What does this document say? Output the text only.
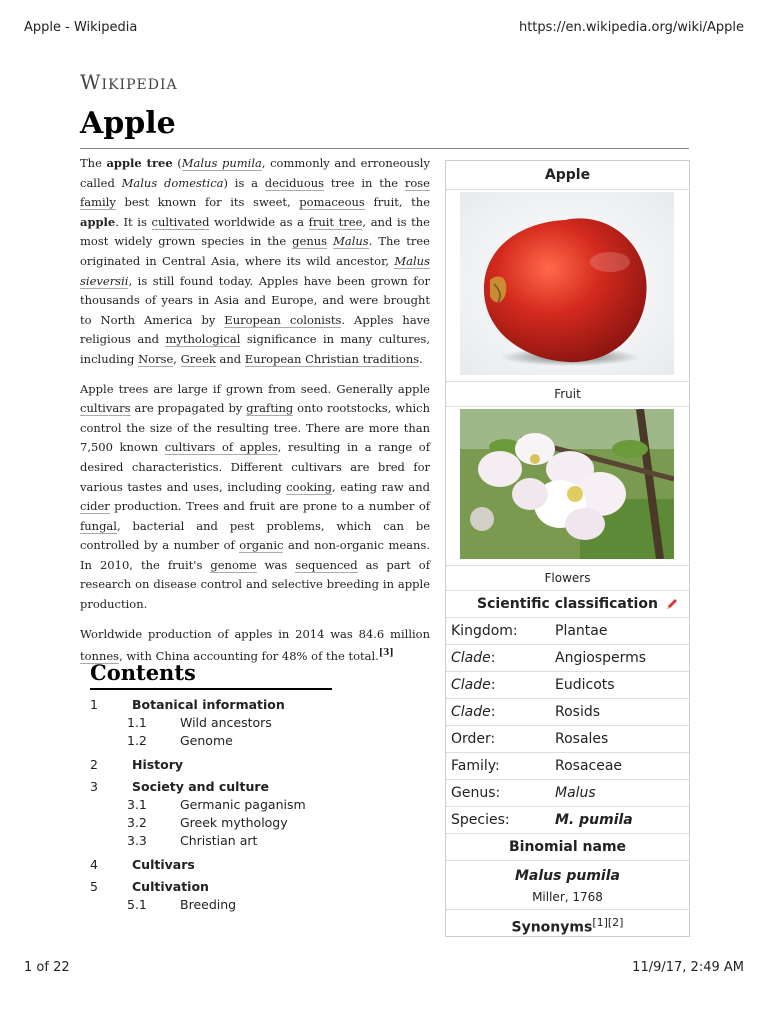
Apple - Wikipedia	https://en.wikipedia.org/wiki/Apple
Wikipedia
Apple

The apple tree (Malus pumila, commonly and erroneously called Malus domestica) is a deciduous tree in the rose family best known for its sweet, pomaceous fruit, the apple. It is cultivated worldwide as a fruit tree, and is the most widely grown species in the genus Malus. The tree originated in Central Asia, where its wild ancestor, Malus sieversii, is still found today. Apples have been grown for thousands of years in Asia and Europe, and were brought to North America by European colonists. Apples have religious and mythological significance in many cultures, including Norse, Greek and European Christian traditions.

Apple trees are large if grown from seed. Generally apple cultivars are propagated by grafting onto rootstocks, which control the size of the resulting tree. There are more than 7,500 known cultivars of apples, resulting in a range of desired characteristics. Different cultivars are bred for various tastes and uses, including cooking, eating raw and cider production. Trees and fruit are prone to a number of fungal, bacterial and pest problems, which can be controlled by a number of organic and non-organic means. In 2010, the fruit's genome was sequenced as part of research on disease control and selective breeding in apple production.

Worldwide production of apples in 2014 was 84.6 million tonnes, with China accounting for 48% of the total.[3]

Contents
1	Botanical information
1.1	Wild ancestors
1.2	Genome
2	History
3	Society and culture
3.1	Germanic paganism
3.2	Greek mythology
3.3	Christian art
4	Cultivars
5	Cultivation
5.1	Breeding
Apple
Fruit
Flowers
Scientific classification
Kingdom:	Plantae
Clade:	Angiosperms
Clade:	Eudicots
Clade:	Rosids
Order:	Rosales
Family:	Rosaceae
Genus:	Malus
Species:	M. pumila
Binomial name
Malus pumila
Miller, 1768
Synonyms[1][2]
1 of 22	11/9/17, 2:49 AM
